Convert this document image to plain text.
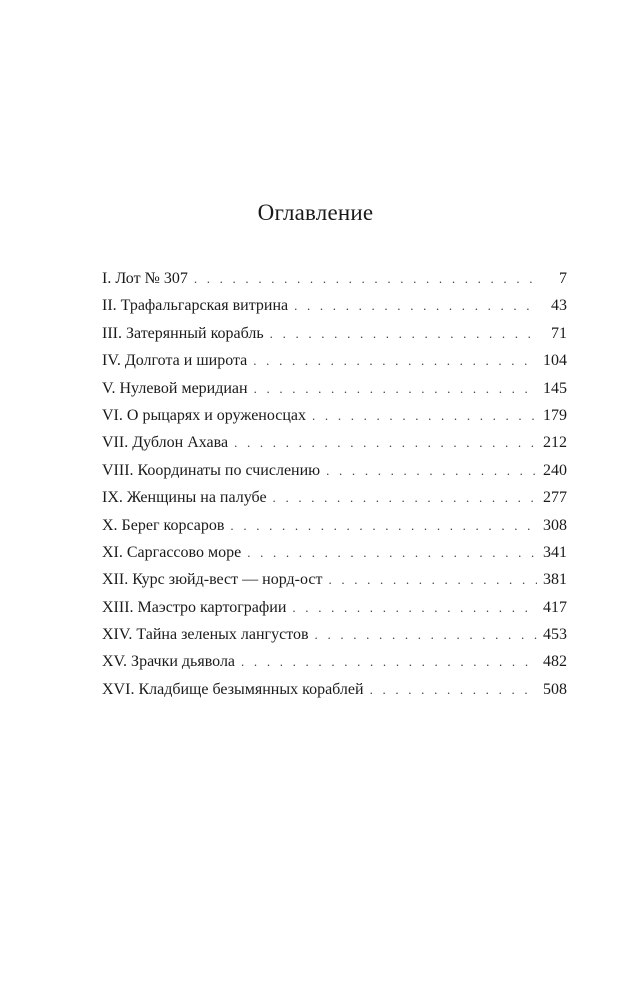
Оглавление
I. Лот № 307 . . .	7
II. Трафальгарская витрина . . .	43
III. Затерянный корабль . . .	71
IV. Долгота и широта . . .	104
V. Нулевой меридиан . . .	145
VI. О рыцарях и оруженосцах . . .	179
VII. Дублон Ахава . . .	212
VIII. Координаты по счислению . . .	240
IX. Женщины на палубе . . .	277
X. Берег корсаров . . .	308
XI. Саргассово море . . .	341
XII. Курс зюйд-вест — норд-ост . . .	381
XIII. Маэстро картографии . . .	417
XIV. Тайна зеленых лангустов . . .	453
XV. Зрачки дьявола . . .	482
XVI. Кладбище безымянных кораблей . . .	508
